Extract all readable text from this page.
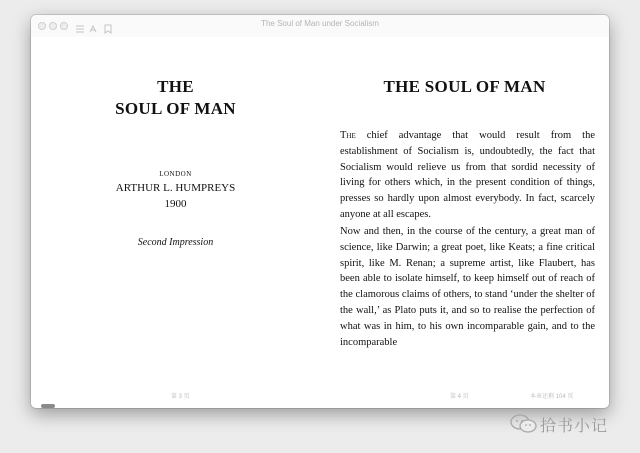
The Soul of Man under Socialism
THE
SOUL OF MAN
LONDON
ARTHUR L. HUMPREYS
1900
Second Impression
第 3 页
THE SOUL OF MAN
The chief advantage that would result from the establishment of Socialism is, undoubtedly, the fact that Socialism would relieve us from that sordid necessity of living for others which, in the present condition of things, presses so hardly upon almost everybody. In fact, scarcely anyone at all escapes.
Now and then, in the course of the century, a great man of science, like Darwin; a great poet, like Keats; a fine critical spirit, like M. Renan; a supreme artist, like Flaubert, has been able to isolate himself, to keep himself out of reach of the clamorous claims of others, to stand ‘under the shelter of the wall,’ as Plato puts it, and so to realise the perfection of what was in him, to his own incomparable gain, and to the incomparable
第 4 页	本章还剩 104 页
拾书小记
